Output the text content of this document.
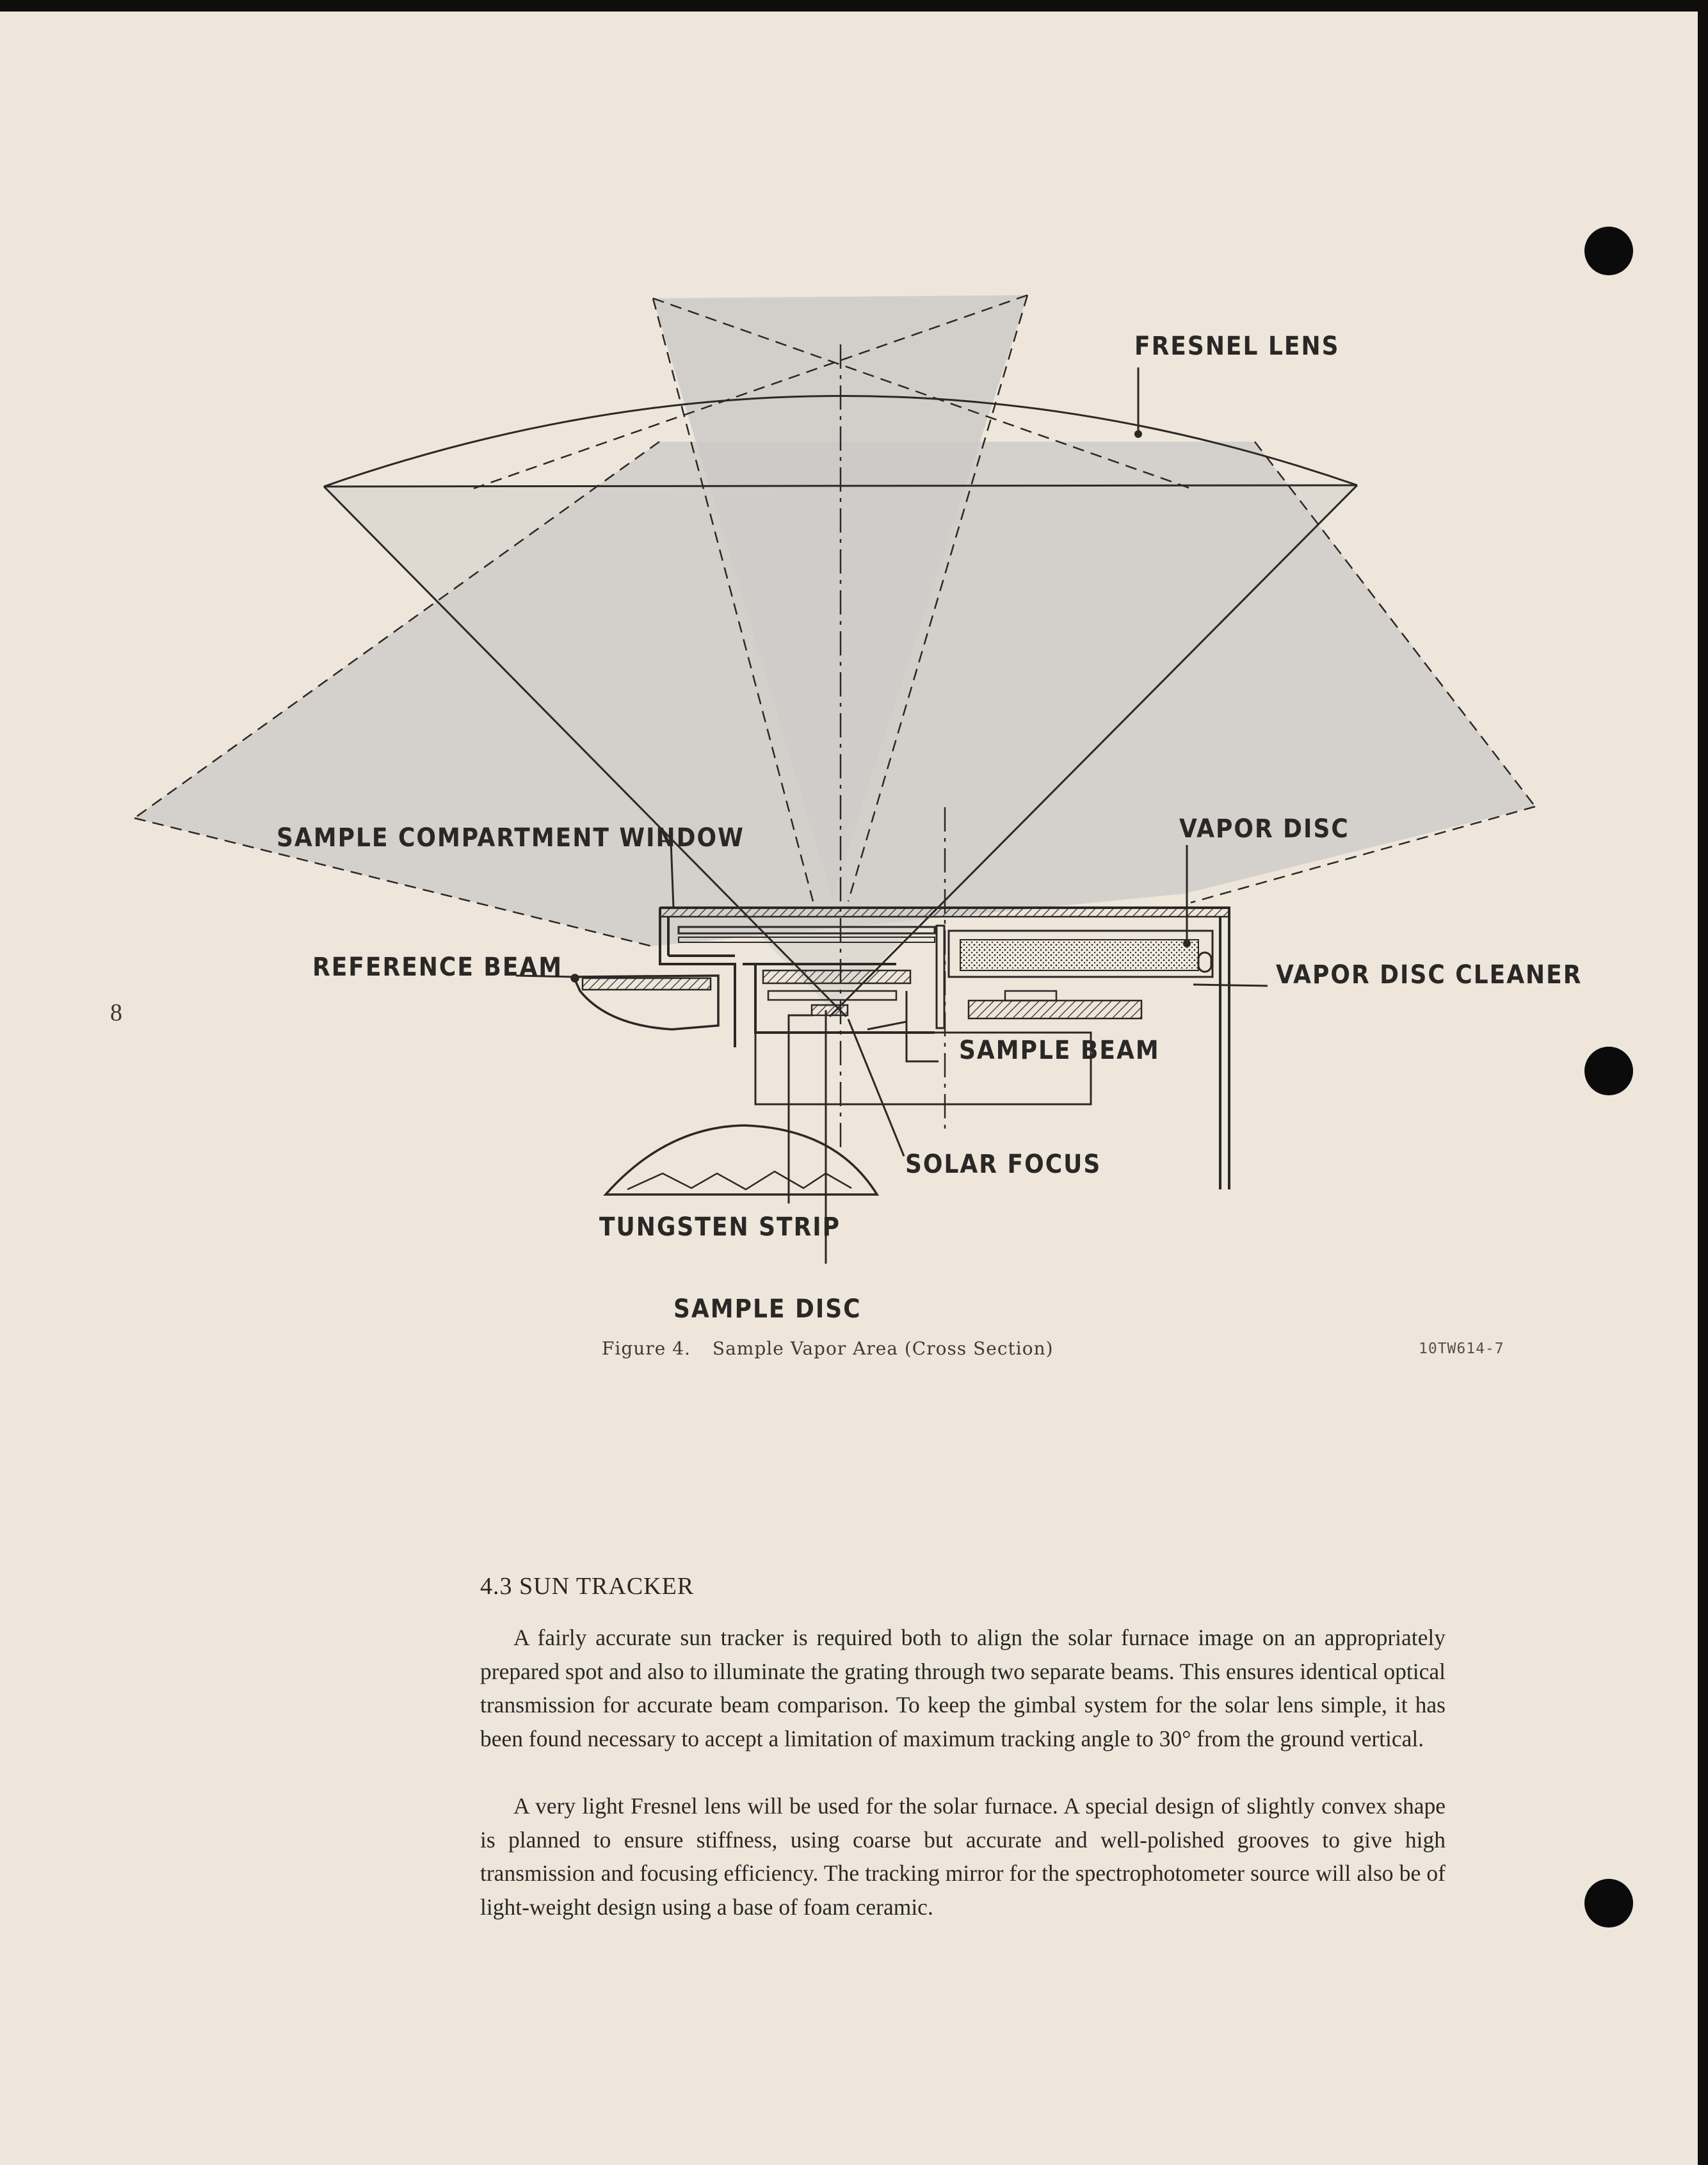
FRESNEL LENS

SAMPLE COMPARTMENT WINDOW	VAPOR DISC

REFERENCE BEAM	VAPOR DISC CLEANER

SAMPLE BEAM

SOLAR FOCUS

TUNGSTEN STRIP

SAMPLE DISC

8

Figure 4. Sample Vapor Area (Cross Section)	10TW614-7

4.3 SUN TRACKER

A fairly accurate sun tracker is required both to align the solar furnace image on an appropriately prepared spot and also to illuminate the grating through two separate beams. This ensures identical optical transmission for accurate beam comparison. To keep the gimbal system for the solar lens simple, it has been found necessary to accept a limitation of maximum tracking angle to 30° from the ground vertical.

A very light Fresnel lens will be used for the solar furnace. A special design of slightly convex shape is planned to ensure stiffness, using coarse but accurate and well-polished grooves to give high transmission and focusing efficiency. The tracking mirror for the spectrophotometer source will also be of light-weight design using a base of foam ceramic.
